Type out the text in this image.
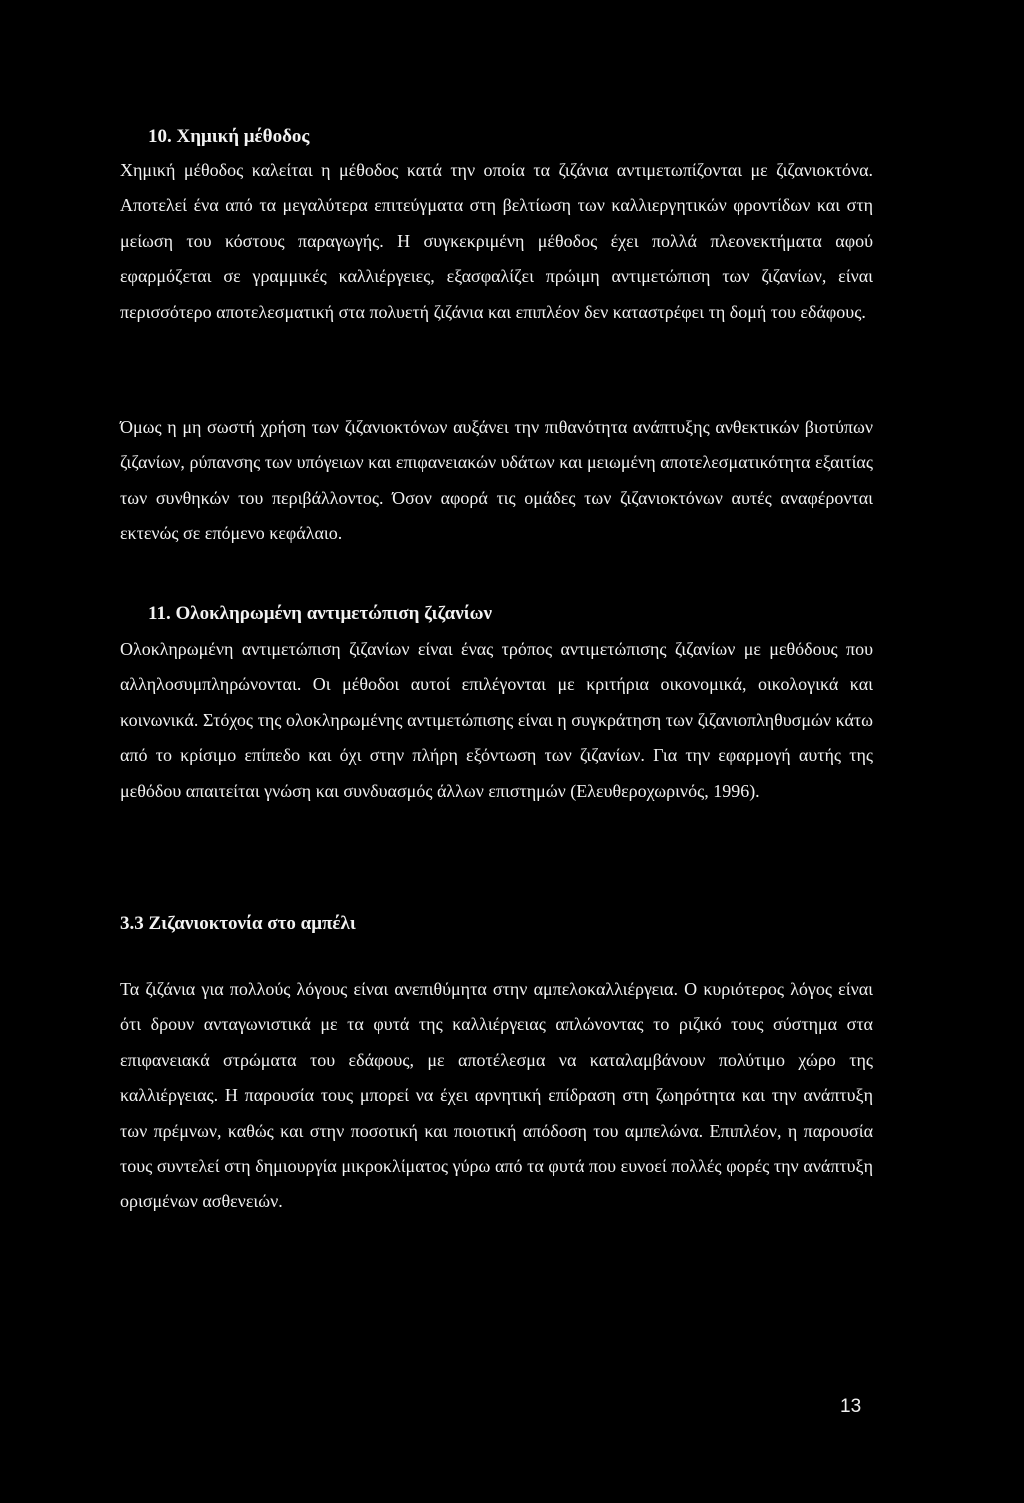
10. Χημική μέθοδος

Χημική μέθοδος καλείται η μέθοδος κατά την οποία τα ζιζάνια αντιμετωπίζονται με ζιζανιοκτόνα. Αποτελεί ένα από τα μεγαλύτερα επιτεύγματα στη βελτίωση των καλλιεργητικών φροντίδων και στη μείωση του κόστους παραγωγής. Η συγκεκριμένη μέθοδος έχει πολλά πλεονεκτήματα αφού εφαρμόζεται σε γραμμικές καλλιέργειες, εξασφαλίζει πρώιμη αντιμετώπιση των ζιζανίων, είναι περισσότερο αποτελεσματική στα πολυετή ζιζάνια και επιπλέον δεν καταστρέφει τη δομή του εδάφους.

Όμως η μη σωστή χρήση των ζιζανιοκτόνων αυξάνει την πιθανότητα ανάπτυξης ανθεκτικών βιοτύπων ζιζανίων, ρύπανσης των υπόγειων και επιφανειακών υδάτων και μειωμένη αποτελεσματικότητα εξαιτίας των συνθηκών του περιβάλλοντος. Όσον αφορά τις ομάδες των ζιζανιοκτόνων αυτές αναφέρονται εκτενώς σε επόμενο κεφάλαιο.

11. Ολοκληρωμένη αντιμετώπιση ζιζανίων

Ολοκληρωμένη αντιμετώπιση ζιζανίων είναι ένας τρόπος αντιμετώπισης ζιζανίων με μεθόδους που αλληλοσυμπληρώνονται. Οι μέθοδοι αυτοί επιλέγονται με κριτήρια οικονομικά, οικολογικά και κοινωνικά. Στόχος της ολοκληρωμένης αντιμετώπισης είναι η συγκράτηση των ζιζανιοπληθυσμών κάτω από το κρίσιμο επίπεδο και όχι στην πλήρη εξόντωση των ζιζανίων. Για την εφαρμογή αυτής της μεθόδου απαιτείται γνώση και συνδυασμός άλλων επιστημών (Ελευθεροχωρινός, 1996).

3.3 Ζιζανιοκτονία στο αμπέλι

Τα ζιζάνια για πολλούς λόγους είναι ανεπιθύμητα στην αμπελοκαλλιέργεια. Ο κυριότερος λόγος είναι ότι δρουν ανταγωνιστικά με τα φυτά της καλλιέργειας απλώνοντας το ριζικό τους σύστημα στα επιφανειακά στρώματα του εδάφους, με αποτέλεσμα να καταλαμβάνουν πολύτιμο χώρο της καλλιέργειας. Η παρουσία τους μπορεί να έχει αρνητική επίδραση στη ζωηρότητα και την ανάπτυξη των πρέμνων, καθώς και στην ποσοτική και ποιοτική απόδοση του αμπελώνα. Επιπλέον, η παρουσία τους συντελεί στη δημιουργία μικροκλίματος γύρω από τα φυτά που ευνοεί πολλές φορές την ανάπτυξη ορισμένων ασθενειών.

13
